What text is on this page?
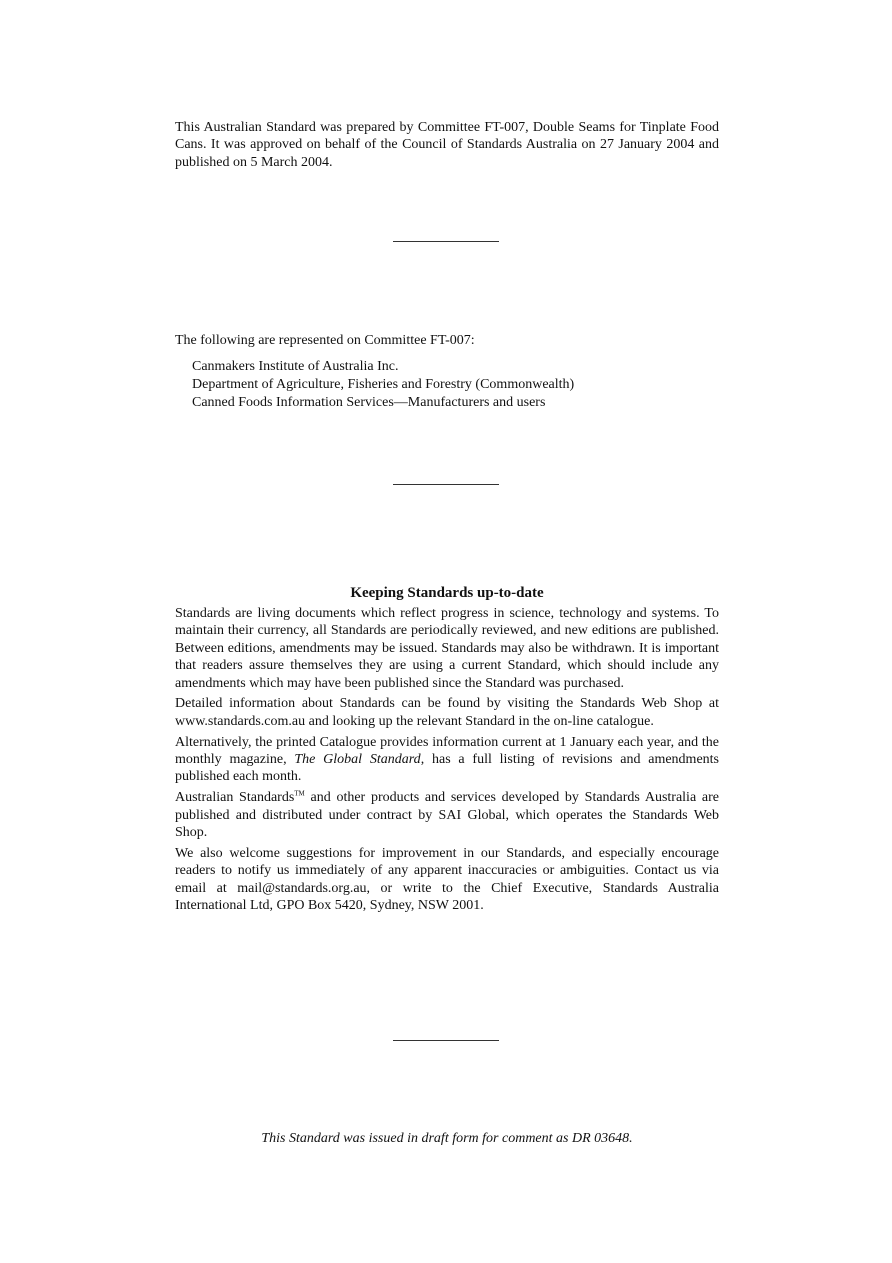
This Australian Standard was prepared by Committee FT-007, Double Seams for Tinplate Food Cans. It was approved on behalf of the Council of Standards Australia on 27 January 2004 and published on 5 March 2004.
The following are represented on Committee FT-007:
Canmakers Institute of Australia Inc.
Department of Agriculture, Fisheries and Forestry (Commonwealth)
Canned Foods Information Services—Manufacturers and users
Keeping Standards up-to-date

Standards are living documents which reflect progress in science, technology and systems. To maintain their currency, all Standards are periodically reviewed, and new editions are published. Between editions, amendments may be issued. Standards may also be withdrawn. It is important that readers assure themselves they are using a current Standard, which should include any amendments which may have been published since the Standard was purchased.

Detailed information about Standards can be found by visiting the Standards Web Shop at www.standards.com.au and looking up the relevant Standard in the on-line catalogue.

Alternatively, the printed Catalogue provides information current at 1 January each year, and the monthly magazine, The Global Standard, has a full listing of revisions and amendments published each month.

Australian Standards™ and other products and services developed by Standards Australia are published and distributed under contract by SAI Global, which operates the Standards Web Shop.

We also welcome suggestions for improvement in our Standards, and especially encourage readers to notify us immediately of any apparent inaccuracies or ambiguities. Contact us via email at mail@standards.org.au, or write to the Chief Executive, Standards Australia International Ltd, GPO Box 5420, Sydney, NSW 2001.

This Standard was issued in draft form for comment as DR 03648.
